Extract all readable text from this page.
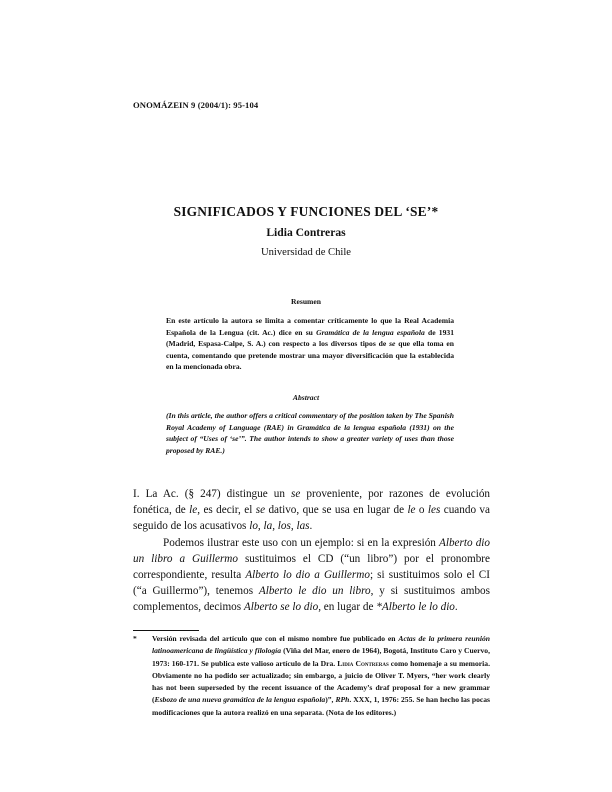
ONOMÁZEIN 9 (2004/1): 95-104
SIGNIFICADOS Y FUNCIONES DEL ‘SE’*
Lidia Contreras
Universidad de Chile
Resumen
En este artículo la autora se limita a comentar críticamente lo que la Real Academia Española de la Lengua (cit. Ac.) dice en su Gramática de la lengua española de 1931 (Madrid, Espasa-Calpe, S. A.) con respecto a los diversos tipos de se que ella toma en cuenta, comentando que pretende mostrar una mayor diversificación que la establecida en la mencionada obra.
Abstract
(In this article, the author offers a critical commentary of the position taken by The Spanish Royal Academy of Language (RAE) in Gramática de la lengua española (1931) on the subject of “Uses of ‘se’”. The author intends to show a greater variety of uses than those proposed by RAE.)

I. La Ac. (§ 247) distingue un se proveniente, por razones de evolución fonética, de le, es decir, el se dativo, que se usa en lugar de le o les cuando va seguido de los acusativos lo, la, los, las.

Podemos ilustrar este uso con un ejemplo: si en la expresión Alberto dio un libro a Guillermo sustituimos el CD (“un libro”) por el pronombre correspondiente, resulta Alberto lo dio a Guillermo; si sustituimos solo el CI (“a Guillermo”), tenemos Alberto le dio un libro, y si sustituimos ambos complementos, decimos Alberto se lo dio, en lugar de *Alberto le lo dio.

* Versión revisada del artículo que con el mismo nombre fue publicado en Actas de la primera reunión latinoamericana de lingüística y filología (Viña del Mar, enero de 1964), Bogotá, Instituto Caro y Cuervo, 1973: 160-171. Se publica este valioso artículo de la Dra. Lidia Contreras como homenaje a su memoria. Obviamente no ha podido ser actualizado; sin embargo, a juicio de Oliver T. Myers, “her work clearly has not been superseded by the recent issuance of the Academy’s draf proposal for a new grammar (Esbozo de una nueva gramática de la lengua española)”, RPh. XXX, 1, 1976: 255. Se han hecho las pocas modificaciones que la autora realizó en una separata. (Nota de los editores.)
